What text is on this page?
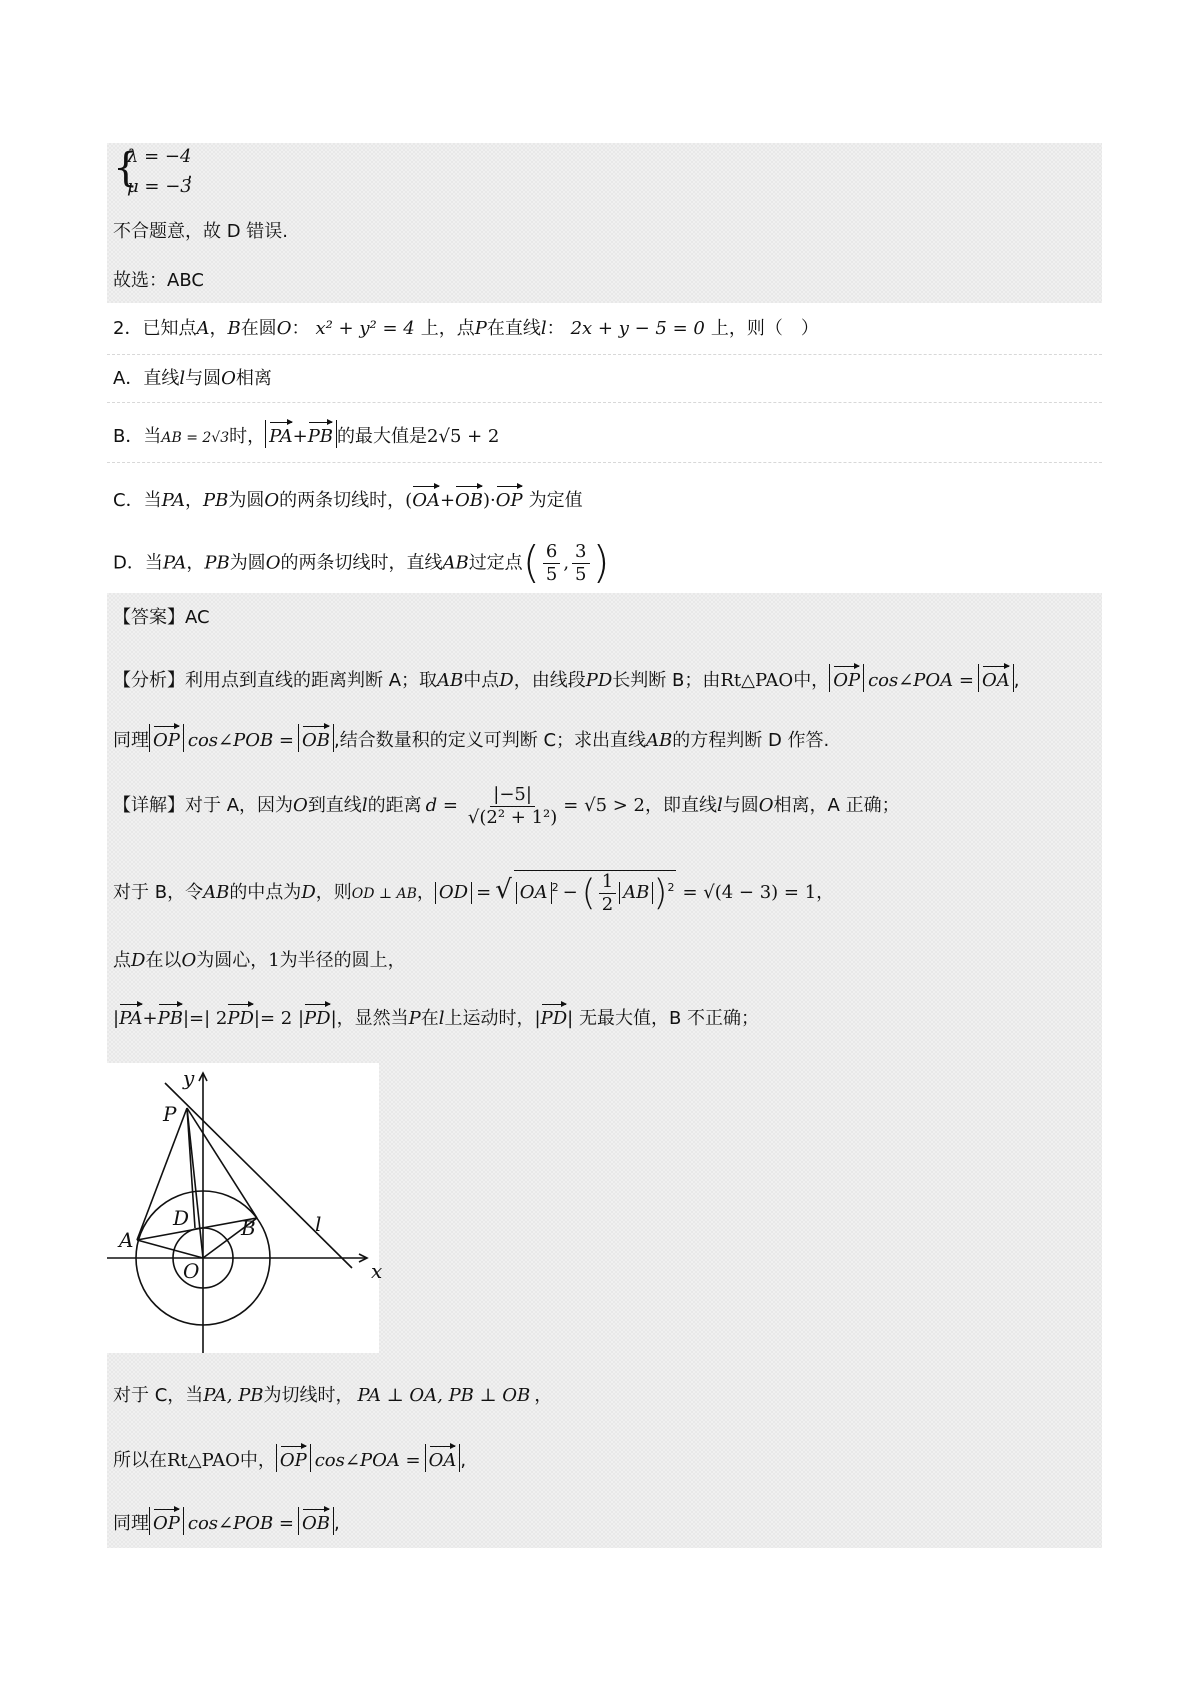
{
λ = −4
μ = −3
,
不合题意，故 D 错误.
故选：ABC
2．已知点A，B在圆O： x² + y² = 4 上，点P在直线l： 2x + y − 5 = 0 上，则（　）
A．直线l与圆O相离
B．当AB = 2√3时， PA+PB 的最大值是2√5 + 2
C．当PA，PB为圆O的两条切线时，(OA+OB)·OP 为定值
D．当PA，PB为圆O的两条切线时，直线AB过定点( $\frac{6}{5}$ , $\frac{3}{5}$ )
【答案】AC
【分析】利用点到直线的距离判断 A；取AB中点D，由线段PD长判断 B；由Rt△PAO中， OP cos∠POA = OA ,
同理 OP cos∠POB = OB ,结合数量积的定义可判断 C；求出直线AB的方程判断 D 作答.
【详解】对于 A，因为O到直线l的距离 $d = \frac{|-5|}{\text{√(2² + 1²)}} = √5 > 2$，即直线l与圆O相离，A 正确；
对于 B，令AB的中点为D，则OD ⊥ AB， OD = √ OA $^2$ − ( $\frac{1}{2}$ AB )$^2$ = √(4 − 3) = 1，
点D在以O为圆心，1为半径的圆上，
|PA+PB|=| 2PD|= 2 |PD|，显然当P在l上运动时，|PD| 无最大值，B 不正确；
y
x
P
D
A	B
O
l
对于 C，当PA, PB为切线时， PA ⊥ OA, PB ⊥ OB ，
所以在Rt△PAO中， OP cos∠POA = OA ,
同理 OP cos∠POB = OB ,
